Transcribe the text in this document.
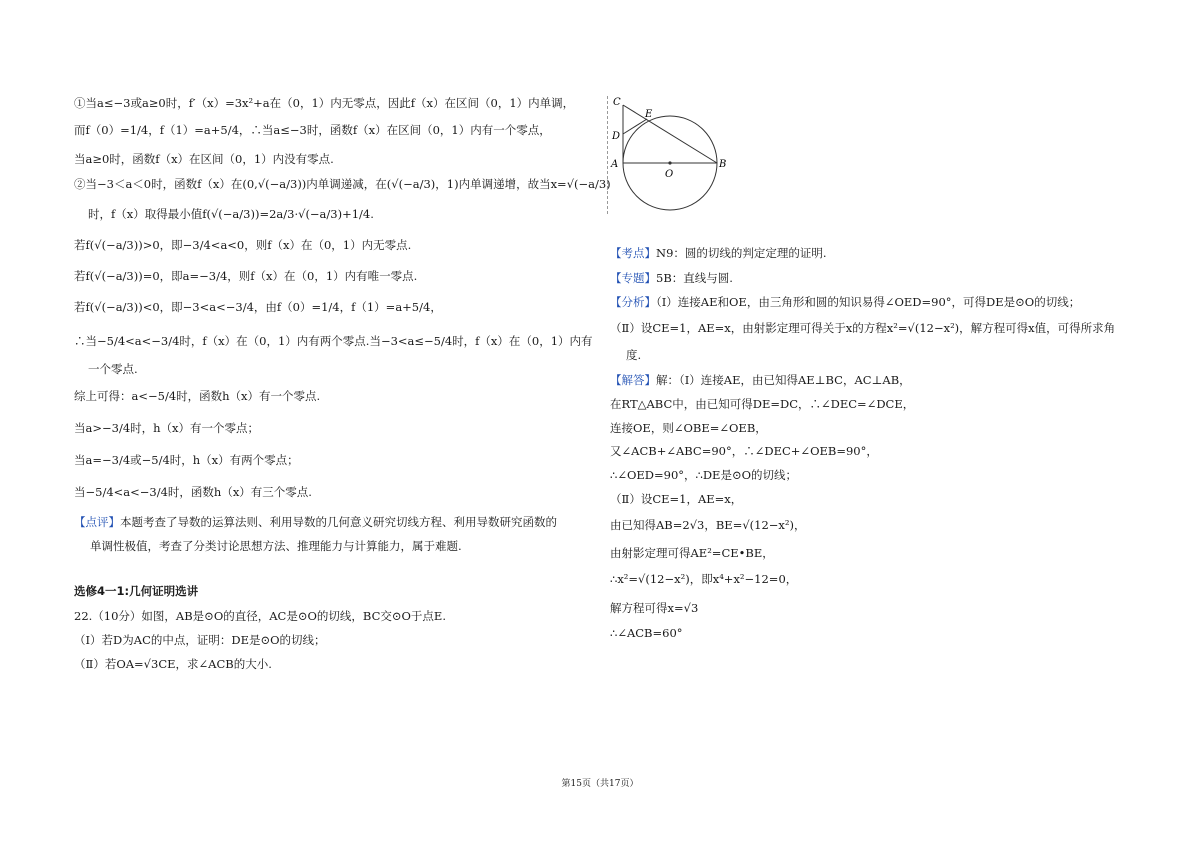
①当a≤−3或a≥0时，f′（x）=3x²+a在（0，1）内无零点，因此f（x）在区间（0，1）内单调，
而f（0）=1/4，f（1）=a+5/4，∴当a≤−3时，函数f（x）在区间（0，1）内有一个零点，
当a≥0时，函数f（x）在区间（0，1）内没有零点.
②当−3＜a＜0时，函数f（x）在(0,√(−a/3))内单调递减，在(√(−a/3)，1)内单调递增，故当x=√(−a/3)
时，f（x）取得最小值f(√(−a/3))=2a/3·√(−a/3)+1/4.
若f(√(−a/3))>0，即−3/4<a<0，则f（x）在（0，1）内无零点.
若f(√(−a/3))=0，即a=−3/4，则f（x）在（0，1）内有唯一零点.
若f(√(−a/3))<0，即−3<a<−3/4，由f（0）=1/4，f（1）=a+5/4，
∴当−5/4<a<−3/4时，f（x）在（0，1）内有两个零点.当−3<a≤−5/4时，f（x）在（0，1）内有
一个零点.
综上可得：a<−5/4时，函数h（x）有一个零点.
当a>−3/4时，h（x）有一个零点；
当a=−3/4或−5/4时，h（x）有两个零点；
当−5/4<a<−3/4时，函数h（x）有三个零点.
【点评】本题考查了导数的运算法则、利用导数的几何意义研究切线方程、利用导数研究函数的
单调性极值，考查了分类讨论思想方法、推理能力与计算能力，属于难题.
选修4一1:几何证明选讲
22.（10分）如图，AB是⊙O的直径，AC是⊙O的切线，BC交⊙O于点E.
（Ⅰ）若D为AC的中点，证明：DE是⊙O的切线；
（Ⅱ）若OA=√3CE，求∠ACB的大小.
C
E
D
A
O
B
【考点】N9：圆的切线的判定定理的证明.
【专题】5B：直线与圆.
【分析】（Ⅰ）连接AE和OE，由三角形和圆的知识易得∠OED=90°，可得DE是⊙O的切线；
（Ⅱ）设CE=1，AE=x，由射影定理可得关于x的方程x²=√(12−x²)，解方程可得x值，可得所求角
度.
【解答】解：（Ⅰ）连接AE，由已知得AE⊥BC，AC⊥AB，
在RT△ABC中，由已知可得DE=DC，∴∠DEC=∠DCE，
连接OE，则∠OBE=∠OEB，
又∠ACB+∠ABC=90°，∴∠DEC+∠OEB=90°，
∴∠OED=90°，∴DE是⊙O的切线；
（Ⅱ）设CE=1，AE=x，
由已知得AB=2√3，BE=√(12−x²)，
由射影定理可得AE²=CE•BE，
∴x²=√(12−x²)，即x⁴+x²−12=0，
解方程可得x=√3
∴∠ACB=60°
第15页（共17页）
